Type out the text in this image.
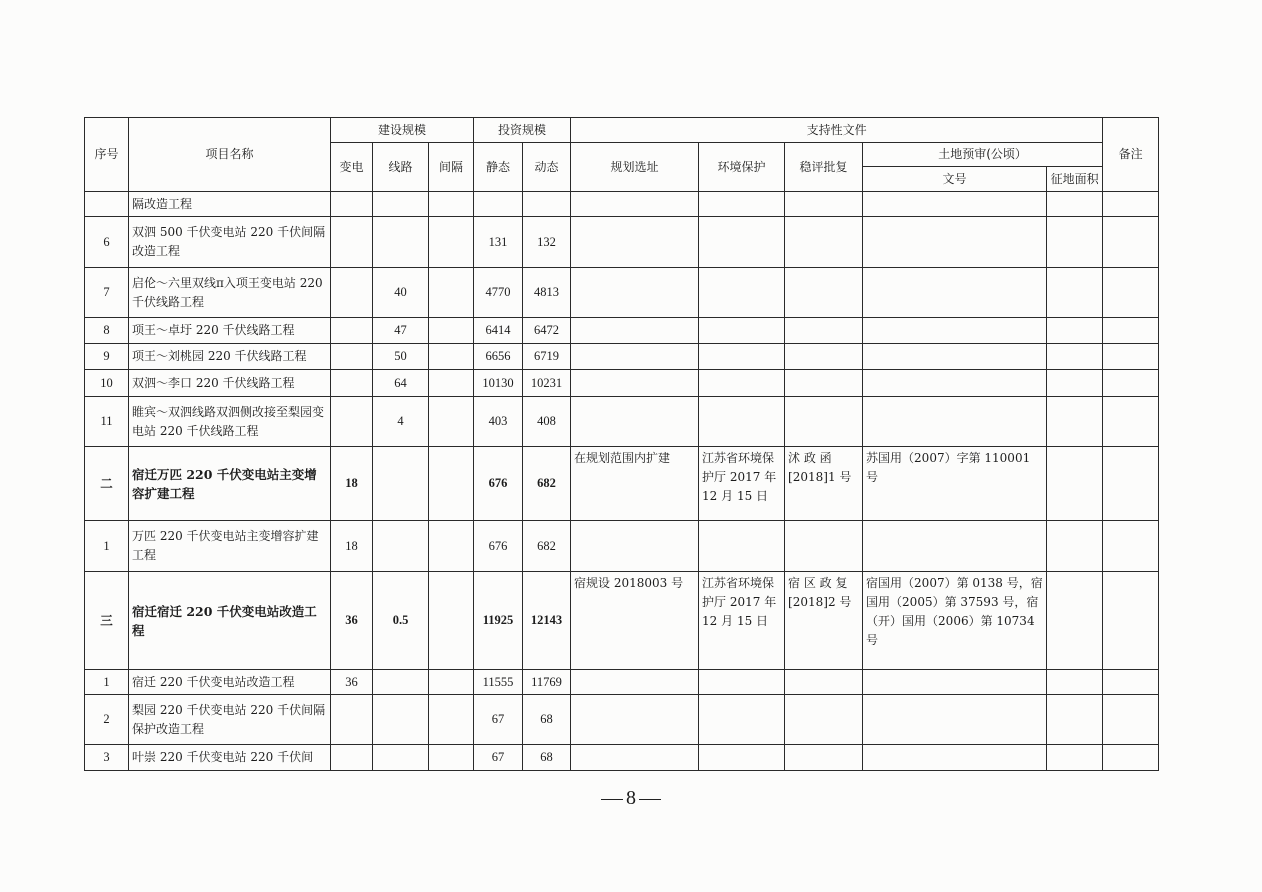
序号	项目名称	建设规模			投资规模		支持性文件					备注
		变电	线路	间隔	静态	动态	规划选址	环境保护	稳评批复	土地预审(公顷）		
										文号	征地面积	
	隔改造工程											
6	双泗 500 千伏变电站 220 千伏间隔改造工程				131	132						
7	启伦～六里双线π入项王变电站 220 千伏线路工程		40		4770	4813						
8	项王～卓圩 220 千伏线路工程		47		6414	6472						
9	项王～刘桃园 220 千伏线路工程		50		6656	6719						
10	双泗～李口 220 千伏线路工程		64		10130	10231						
11	睢宾～双泗线路双泗侧改接至梨园变电站 220 千伏线路工程		4		403	408						
二	宿迁万匹 220 千伏变电站主变增容扩建工程	18			676	682	在规划范围内扩建	江苏省环境保护厅 2017 年 12 月 15 日	沭 政 函[2018]1 号	苏国用（2007）字第 110001 号		
1	万匹 220 千伏变电站主变增容扩建工程	18			676	682						
三	宿迁宿迁 220 千伏变电站改造工程	36	0.5		11925	12143	宿规设 2018003 号	江苏省环境保护厅 2017 年 12 月 15 日	宿 区 政 复[2018]2 号	宿国用（2007）第 0138 号，宿国用（2005）第 37593 号，宿（开）国用（2006）第 10734 号		
1	宿迁 220 千伏变电站改造工程	36			11555	11769						
2	梨园 220 千伏变电站 220 千伏间隔保护改造工程				67	68						
3	叶崇 220 千伏变电站 220 千伏间				67	68						
8
